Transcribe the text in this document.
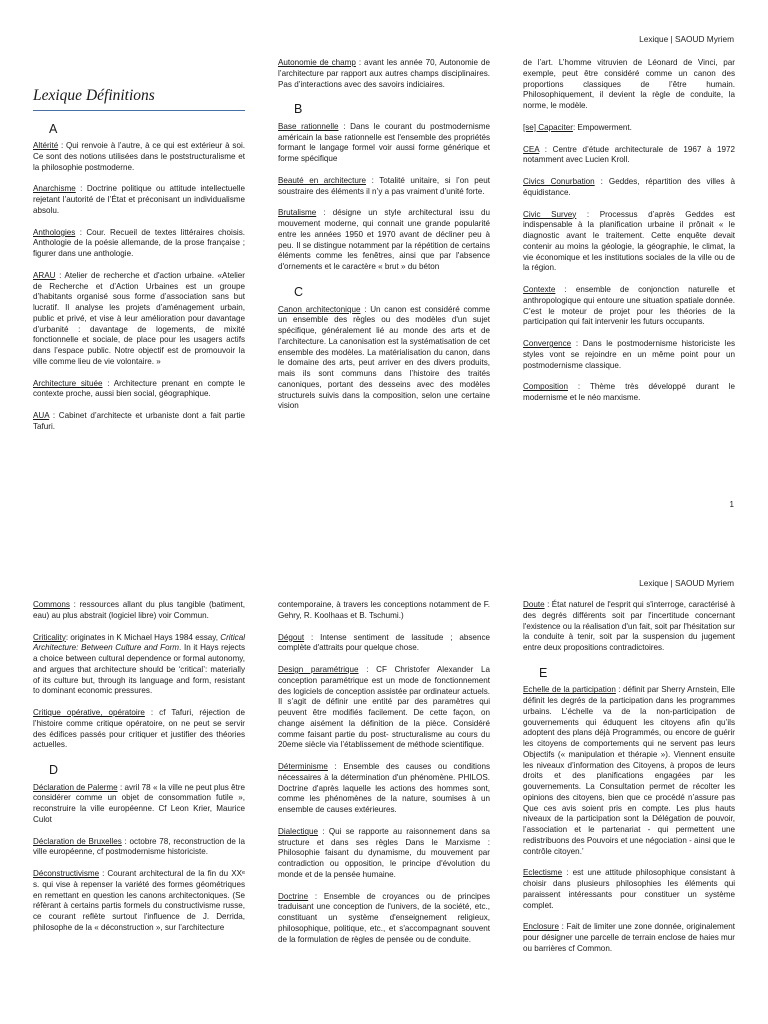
Lexique | SAOUD Myriem
Lexique Définitions
A
Altérité : Qui renvoie à l’autre, à ce qui est extérieur à soi. Ce sont des notions utilisées dans le poststructuralisme et la philosophie postmoderne.
Anarchisme : Doctrine politique ou attitude intellectuelle rejetant l’autorité de l’État et préconisant un individualisme absolu.
Anthologies : Cour. Recueil de textes littéraires choisis. Anthologie de la poésie allemande, de la prose française ; figurer dans une anthologie.
ARAU : Atelier de recherche et d'action urbaine. «Atelier de Recherche et d’Action Urbaines est un groupe d’habitants organisé sous forme d’association sans but lucratif. Il analyse les projets d’aménagement urbain, public et privé, et vise à leur amélioration pour davantage d’urbanité : davantage de logements, de mixité fonctionnelle et sociale, de place pour les usagers actifs dans l’espace public. Notre objectif est de promouvoir la ville comme lieu de vie volontaire. »
Architecture située : Architecture prenant en compte le contexte proche, aussi bien social, géographique.
AUA : Cabinet d’architecte et urbaniste dont a fait partie Tafuri.
Autonomie de champ : avant les année 70, Autonomie de l’architecture par rapport aux autres champs disciplinaires. Pas d’interactions avec des savoirs indiciaires.
B
Base rationnelle : Dans le courant du postmodernisme américain la base rationnelle est l'ensemble des propriétés formant le langage formel voir aussi forme générique et forme spécifique
Beauté en architecture : Totalité unitaire, si l’on peut soustraire des éléments il n’y a pas vraiment d’unité forte.
Brutalisme : désigne un style architectural issu du mouvement moderne, qui connait une grande popularité entre les années 1950 et 1970 avant de décliner peu à peu. Il se distingue notamment par la répétition de certains éléments comme les fenêtres, ainsi que par l'absence d'ornements et le caractère « brut » du béton
C
Canon architectonique : Un canon est considéré comme un ensemble des règles ou des modèles d'un sujet spécifique, généralement lié au monde des arts et de l’architecture. La canonisation est la systématisation de cet ensemble des modèles. La matérialisation du canon, dans le domaine des arts, peut arriver en des divers produits, mais ils sont communs dans l’histoire des traités canoniques, portant des desseins avec des modèles structurels suivis dans la composition, selon une certaine vision
de l’art. L’homme vitruvien de Léonard de Vinci, par exemple, peut être considéré comme un canon des proportions classiques de l’être humain. Philosophiquement, il devient la règle de conduite, la norme, le modèle.
[se] Capaciter: Empowerment.
CEA : Centre d’étude architecturale de 1967 à 1972 notamment avec Lucien Kroll.
Civics Conurbation : Geddes, répartition des villes à équidistance.
Civic Survey : Processus d’après Geddes est indispensable à la planification urbaine il prônait « le diagnostic avant le traitement. Cette enquête devait contenir au moins la géologie, la géographie, le climat, la vie économique et les institutions sociales de la ville ou de la région.
Contexte : ensemble de conjonction naturelle et anthropologique qui entoure une situation spatiale donnée. C’est le moteur de projet pour les théories de la participation qui fait intervenir les futurs occupants.
Convergence : Dans le postmodernisme historiciste les styles vont se rejoindre en un même point pour un postmodernisme classique.
Composition : Thème très développé durant le modernisme et le néo marxisme.
1
Lexique | SAOUD Myriem
Commons : ressources allant du plus tangible (batiment, eau) au plus abstrait (logiciel libre) voir Commun.
Criticality: originates in K Michael Hays 1984 essay, Critical Architecture: Between Culture and Form. In it Hays rejects a choice between cultural dependence or formal autonomy, and argues that architecture should be ‘critical’: materially of its culture but, through its language and form, resistant to dominant economic pressures.
Critique opérative, opératoire : cf Tafuri, réjection de l’histoire comme critique opératoire, on ne peut se servir des édifices passés pour critiquer et justifier des théories actuelles.
D
Déclaration de Palerme : avril 78 « la ville ne peut plus être considérer comme un objet de consommation futile », reconstruire la ville européenne. Cf Leon Krier, Maurice Culot
Déclaration de Bruxelles : octobre 78, reconstruction de la ville européenne, cf postmodernisme historiciste.
Déconstructivisme : Courant architectural de la fin du XXᵉ s. qui vise à repenser la variété des formes géométriques en remettant en question les canons architectoniques. (Se réfèrant à certains partis formels du constructivisme russe, ce courant reflète surtout l'influence de J. Derrida, philosophe de la « déconstruction », sur l’architecture
contemporaine, à travers les conceptions notamment de F. Gehry, R. Koolhaas et B. Tschumi.)
Dégout : Intense sentiment de lassitude ; absence complète d'attraits pour quelque chose.
Design paramétrique : CF Christofer Alexander La conception paramétrique est un mode de fonctionnement des logiciels de conception assistée par ordinateur actuels. Il s’agit de définir une entité par des paramètres qui peuvent être modifiés facilement. De cette façon, on change aisément la définition de la pièce. Considéré comme faisant partie du post- structuralisme au cours du 20eme siècle via l’établissement de méthode scientifique.
Déterminisme : Ensemble des causes ou conditions nécessaires à la détermination d'un phénomène. PHILOS. Doctrine d'après laquelle les actions des hommes sont, comme les phénomènes de la nature, soumises à un ensemble de causes extérieures.
Dialectique : Qui se rapporte au raisonnement dans sa structure et dans ses règles Dans le Marxisme : Philosophie faisant du dynamisme, du mouvement par contradiction ou opposition, le principe d'évolution du monde et de la pensée humaine.
Doctrine : Ensemble de croyances ou de principes traduisant une conception de l'univers, de la société, etc., constituant un système d'enseignement religieux, philosophique, politique, etc., et s'accompagnant souvent de la formulation de règles de pensée ou de conduite.
Doute : État naturel de l'esprit qui s'interroge, caractérisé à des degrés différents soit par l'incertitude concernant l'existence ou la réalisation d'un fait, soit par l'hésitation sur la conduite à tenir, soit par la suspension du jugement entre deux propositions contradictoires.
E
Echelle de la participation : définit par Sherry Arnstein, Elle définit les degrés de la participation dans les programmes urbains. L’échelle va de la non-participation de gouvernements qui éduquent les citoyens afin qu’ils adoptent des plans déjà Programmés, ou encore de guérir les citoyens de comportements qui ne servent pas leurs Objectifs (« manipulation et thérapie »). Viennent ensuite les niveaux d’information des Citoyens, à propos de leurs droits et des planifications engagées par les gouvernements. La Consultation permet de récolter les opinions des citoyens, bien que ce procédé n’assure pas Que ces avis soient pris en compte. Les plus hauts niveaux de la participation sont la Délégation de pouvoir, l’association et le partenariat - qui permettent une redistribuons des Pouvoirs et une négociation - ainsi que le contrôle citoyen.’
Eclectisme : est une attitude philosophique consistant à choisir dans plusieurs philosophies les éléments qui paraissent intéressants pour constituer un système complet.
Enclosure : Fait de limiter une zone donnée, originalement pour désigner une parcelle de terrain enclose de haies mur ou barrières cf Common.
